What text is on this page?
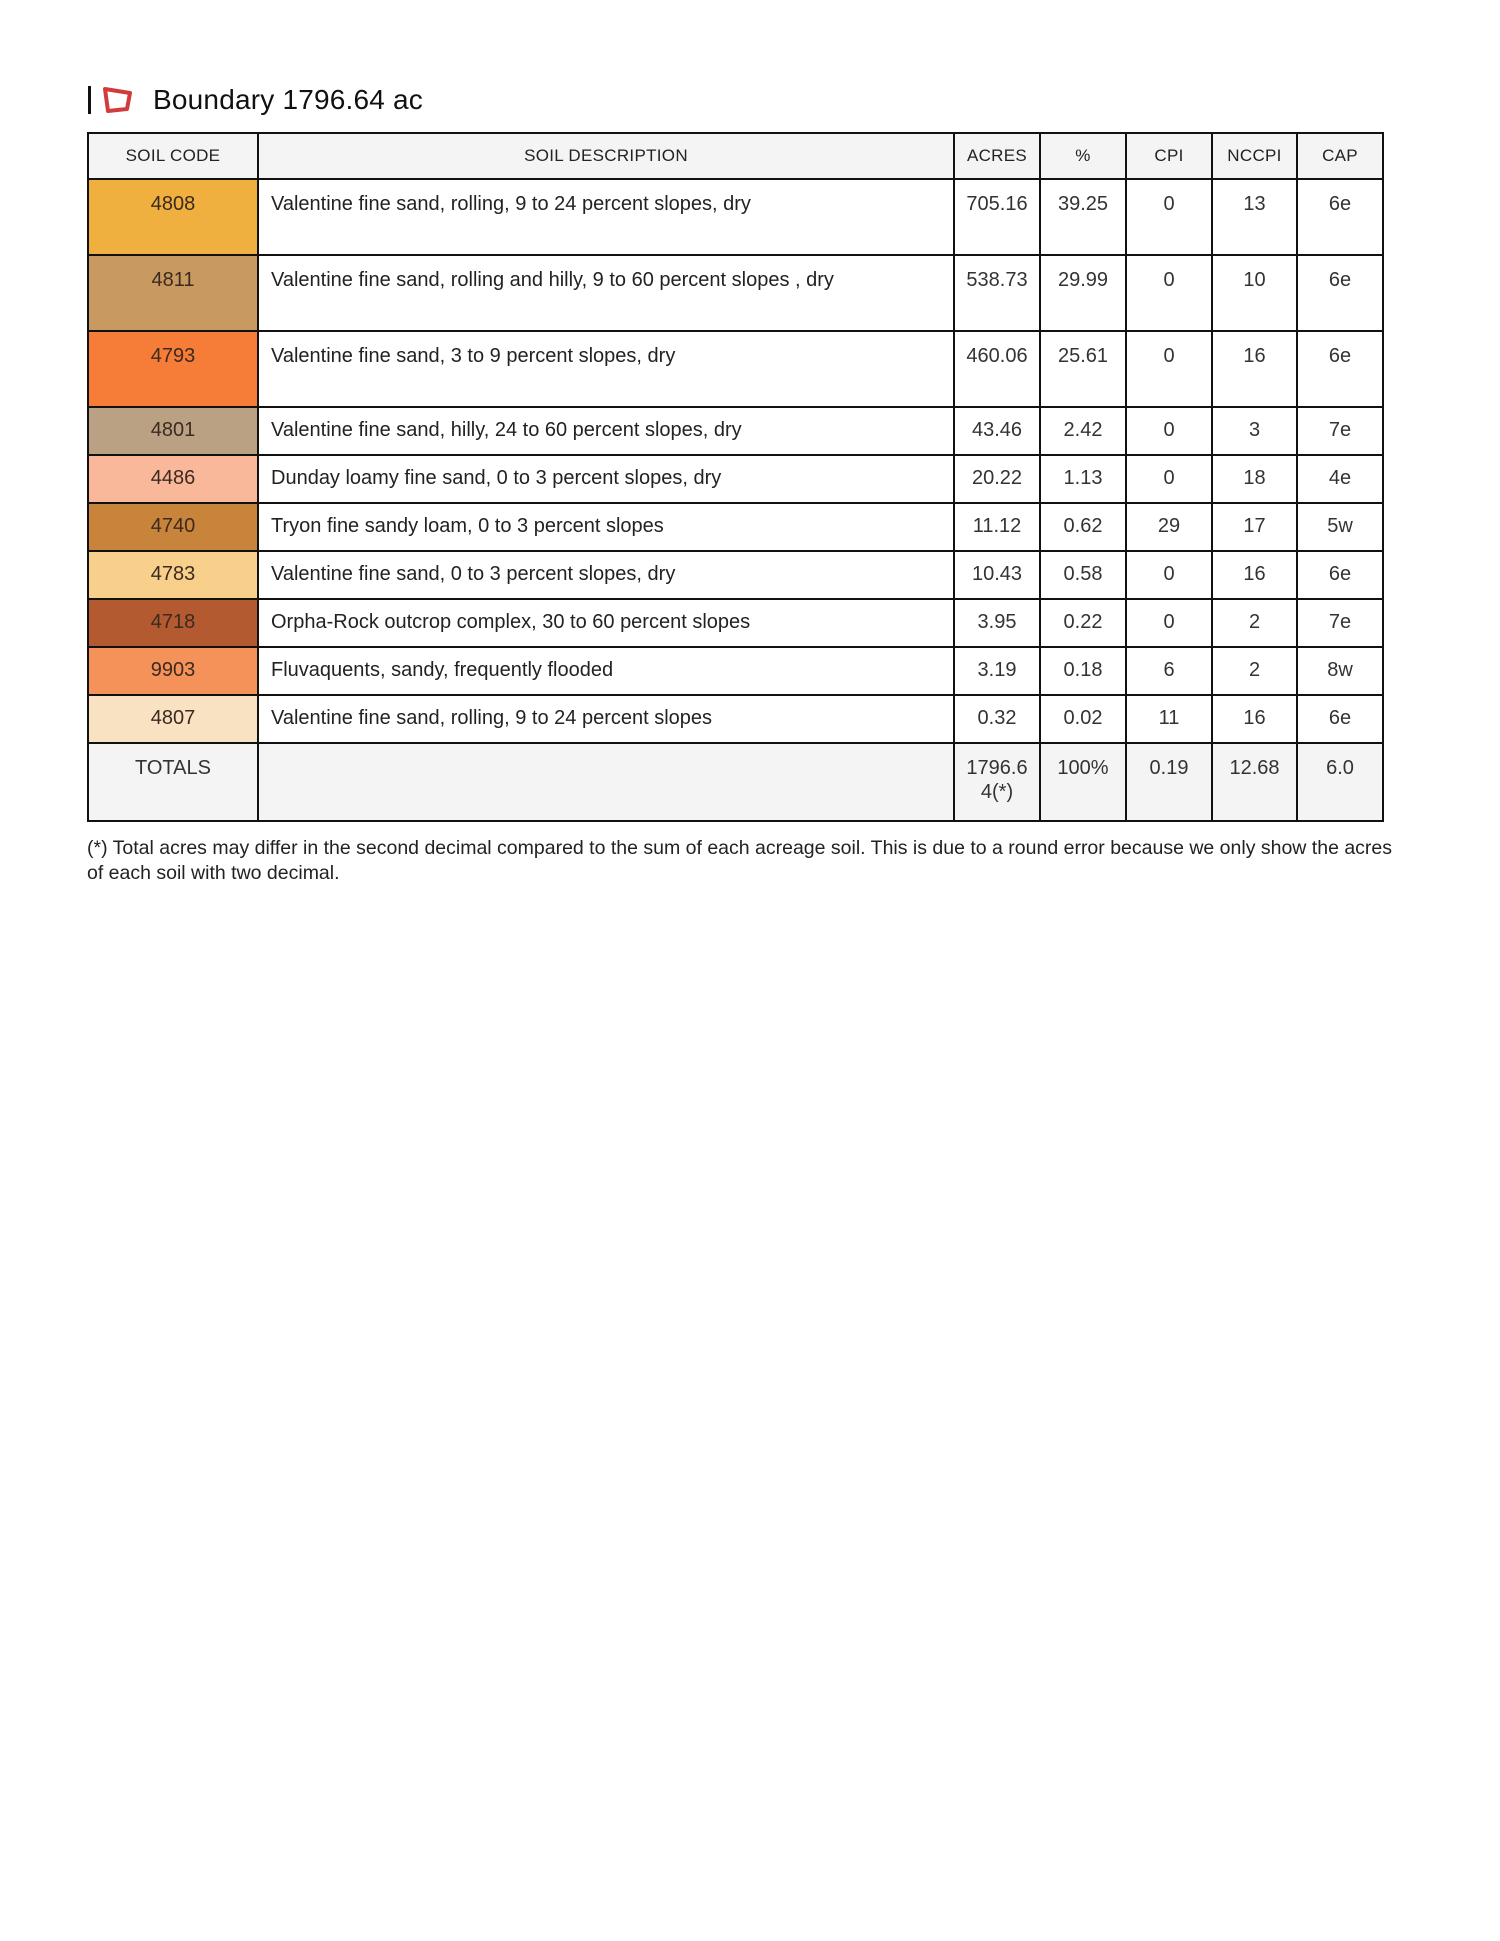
Boundary 1796.64 ac
SOIL CODE	SOIL DESCRIPTION	ACRES	%	CPI	NCCPI	CAP
4808	Valentine fine sand, rolling, 9 to 24 percent slopes, dry	705.16	39.25	0	13	6e
4811	Valentine fine sand, rolling and hilly, 9 to 60 percent slopes , dry	538.73	29.99	0	10	6e
4793	Valentine fine sand, 3 to 9 percent slopes, dry	460.06	25.61	0	16	6e
4801	Valentine fine sand, hilly, 24 to 60 percent slopes, dry	43.46	2.42	0	3	7e
4486	Dunday loamy fine sand, 0 to 3 percent slopes, dry	20.22	1.13	0	18	4e
4740	Tryon fine sandy loam, 0 to 3 percent slopes	11.12	0.62	29	17	5w
4783	Valentine fine sand, 0 to 3 percent slopes, dry	10.43	0.58	0	16	6e
4718	Orpha-Rock outcrop complex, 30 to 60 percent slopes	3.95	0.22	0	2	7e
9903	Fluvaquents, sandy, frequently flooded	3.19	0.18	6	2	8w
4807	Valentine fine sand, rolling, 9 to 24 percent slopes	0.32	0.02	11	16	6e
TOTALS		1796.64(*)	100%	0.19	12.68	6.0
(*) Total acres may differ in the second decimal compared to the sum of each acreage soil. This is due to a round error because we only show the acres of each soil with two decimal.
